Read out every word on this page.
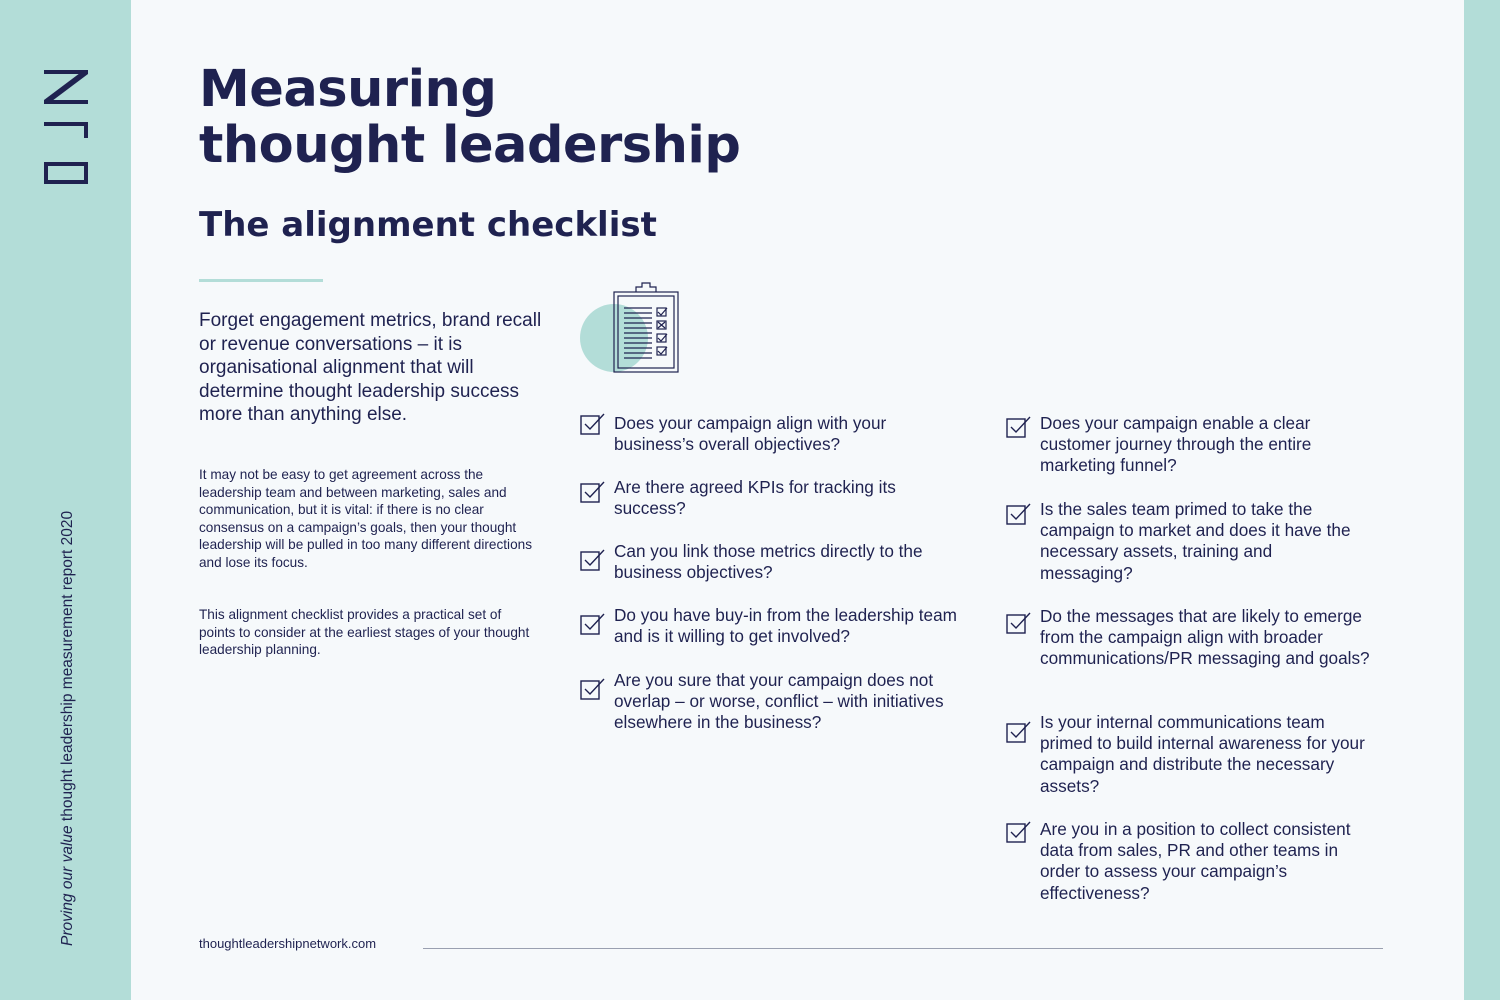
Proving our value thought leadership measurement report 2020
Measuring
thought leadership
The alignment checklist

Forget engagement metrics, brand recall or revenue conversations – it is organisational alignment that will determine thought leadership success more than anything else.

It may not be easy to get agreement across the leadership team and between marketing, sales and communication, but it is vital: if there is no clear consensus on a campaign’s goals, then your thought leadership will be pulled in too many different directions and lose its focus.

This alignment checklist provides a practical set of points to consider at the earliest stages of your thought leadership planning.

Does your campaign align with your business’s overall objectives?
Are there agreed KPIs for tracking its success?
Can you link those metrics directly to the business objectives?
Do you have buy-in from the leadership team and is it willing to get involved?
Are you sure that your campaign does not overlap – or worse, conflict – with initiatives elsewhere in the business?
Does your campaign enable a clear customer journey through the entire marketing funnel?
Is the sales team primed to take the campaign to market and does it have the necessary assets, training and messaging?
Do the messages that are likely to emerge from the campaign align with broader communications/PR messaging and goals?
Is your internal communications team primed to build internal awareness for your campaign and distribute the necessary assets?
Are you in a position to collect consistent data from sales, PR and other teams in order to assess your campaign’s effectiveness?
thoughtleadershipnetwork.com
